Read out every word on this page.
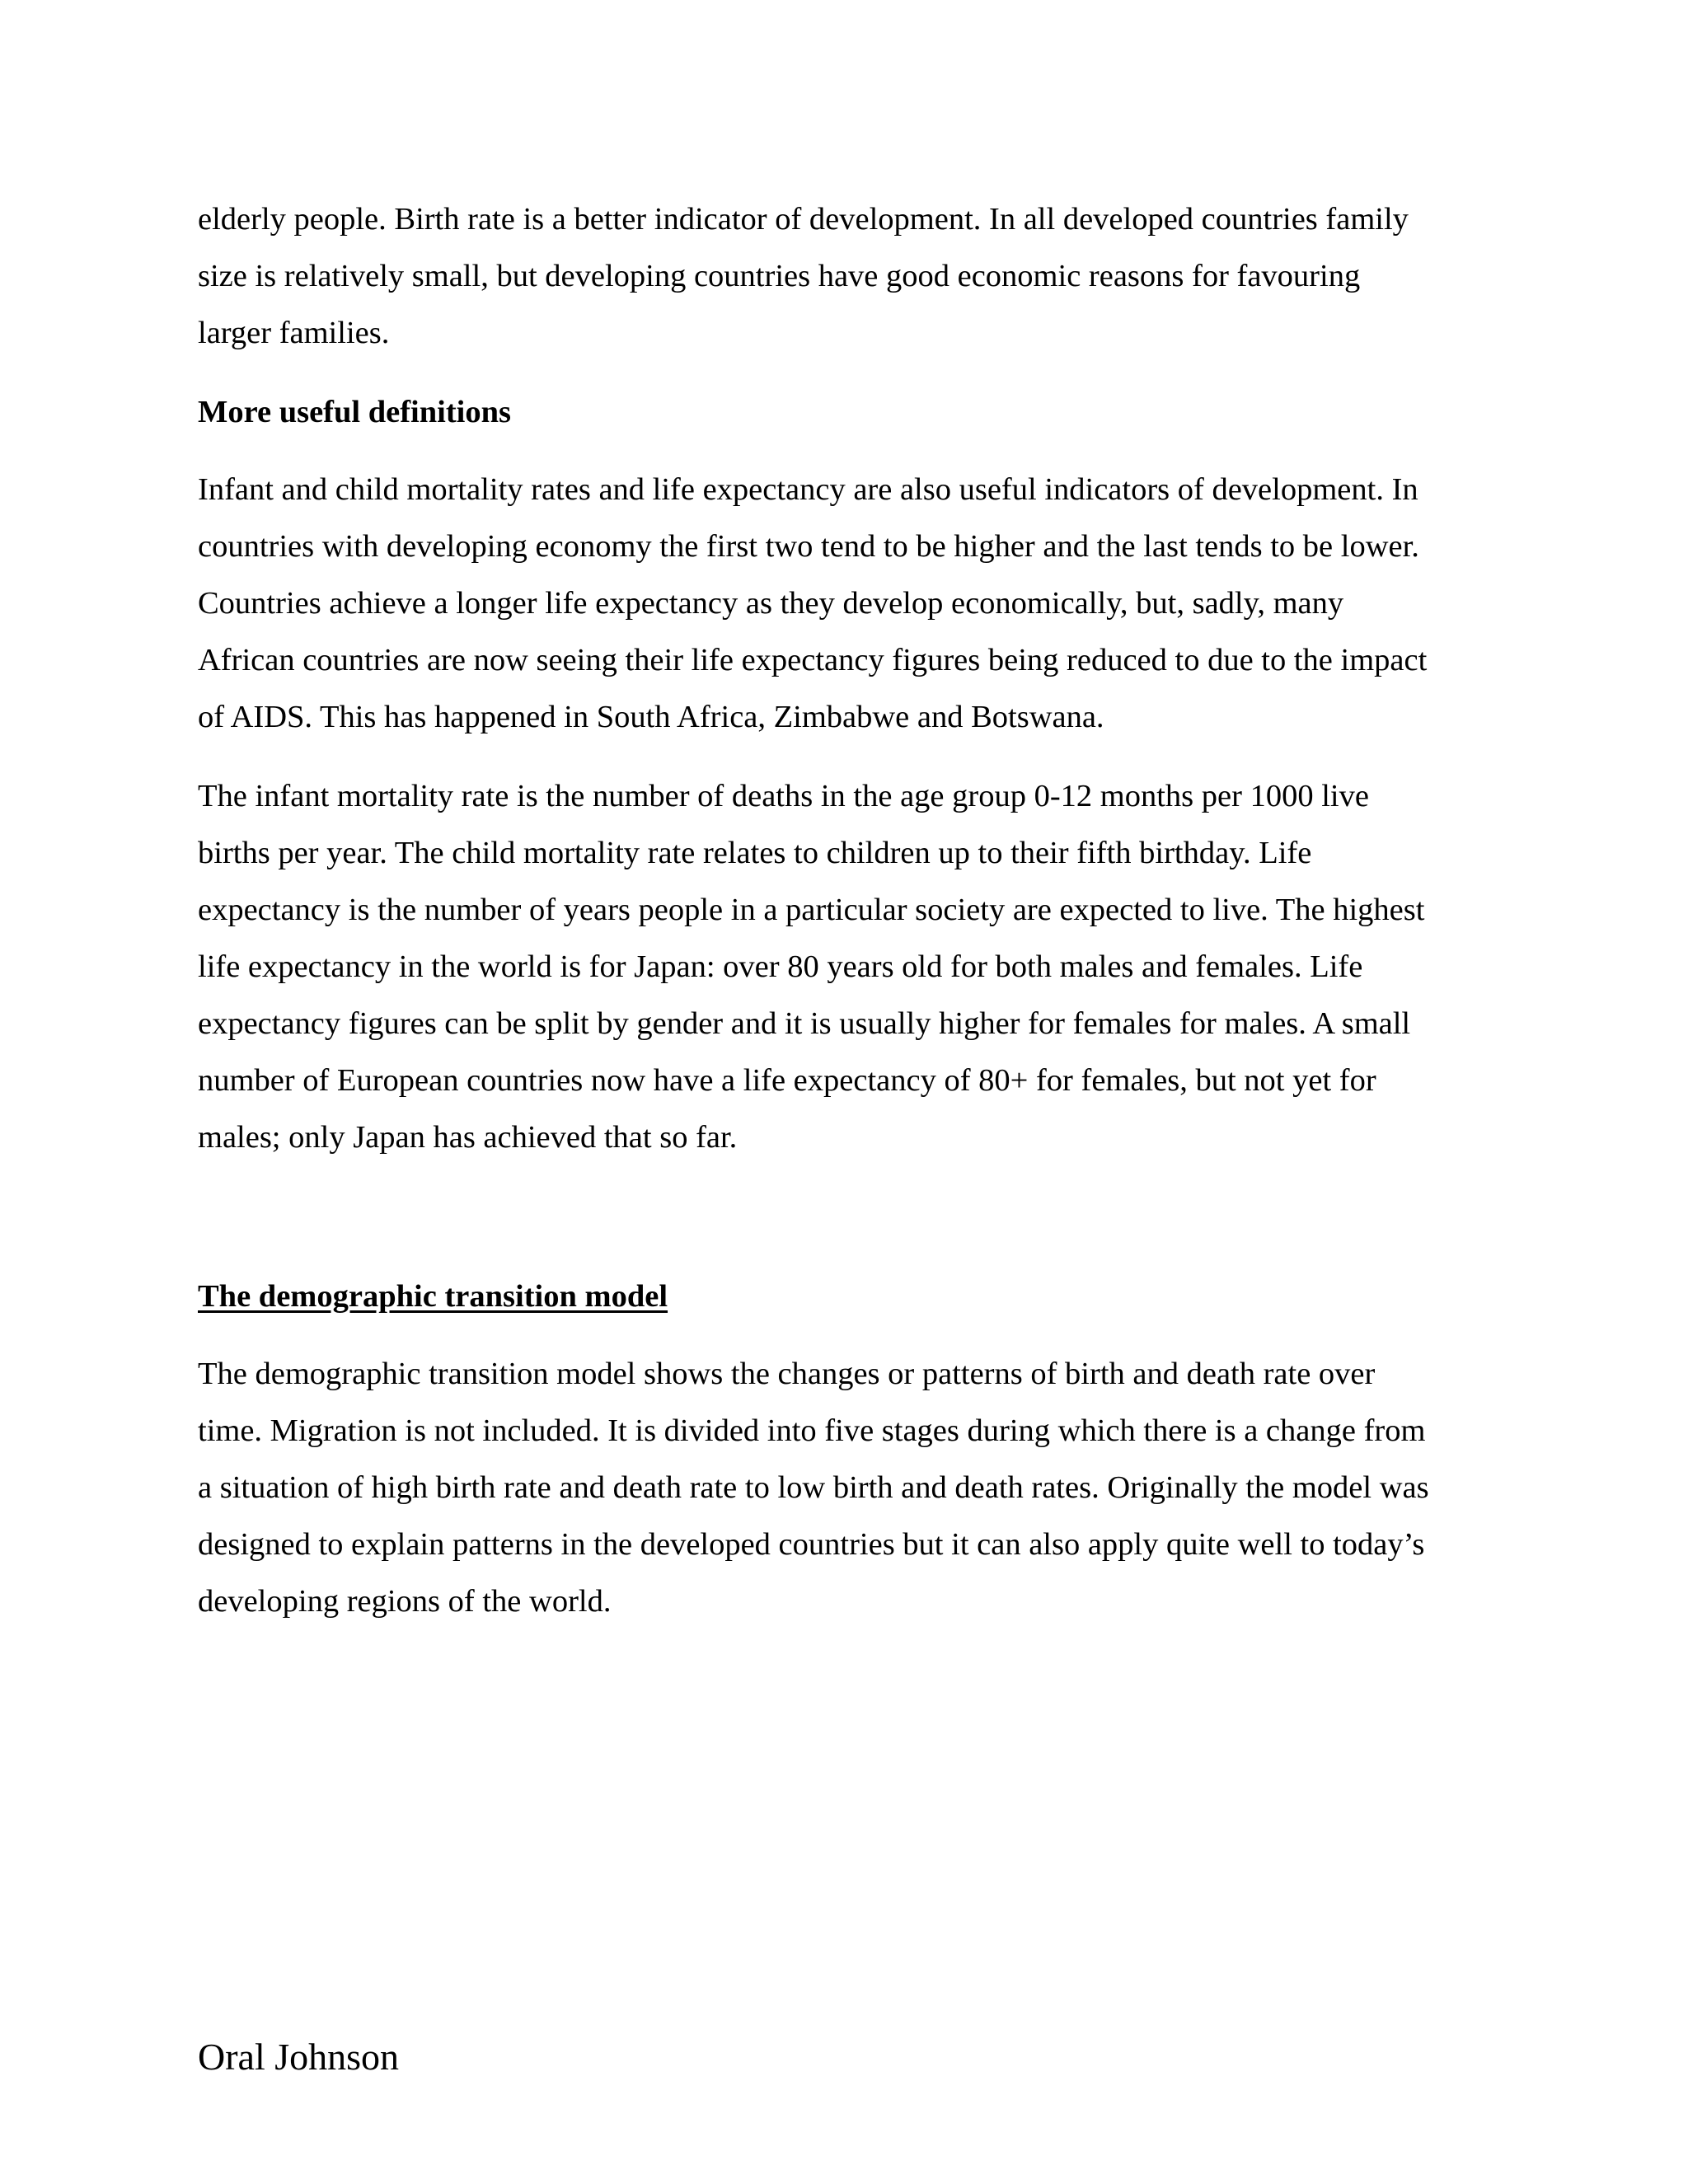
elderly people. Birth rate is a better indicator of development. In all developed countries family
size is relatively small, but developing countries have good economic reasons for favouring
larger families.

More useful definitions

Infant and child mortality rates and life expectancy are also useful indicators of development. In
countries with developing economy the first two tend to be higher and the last tends to be lower.
Countries achieve a longer life expectancy as they develop economically, but, sadly, many
African countries are now seeing their life expectancy figures being reduced to due to the impact
of AIDS. This has happened in South Africa, Zimbabwe and Botswana.

The infant mortality rate is the number of deaths in the age group 0-12 months per 1000 live
births per year. The child mortality rate relates to children up to their fifth birthday. Life
expectancy is the number of years people in a particular society are expected to live. The highest
life expectancy in the world is for Japan: over 80 years old for both males and females. Life
expectancy figures can be split by gender and it is usually higher for females for males. A small
number of European countries now have a life expectancy of 80+ for females, but not yet for
males; only Japan has achieved that so far.

The demographic transition model

The demographic transition model shows the changes or patterns of birth and death rate over
time. Migration is not included. It is divided into five stages during which there is a change from
a situation of high birth rate and death rate to low birth and death rates. Originally the model was
designed to explain patterns in the developed countries but it can also apply quite well to today’s
developing regions of the world.

Oral Johnson
